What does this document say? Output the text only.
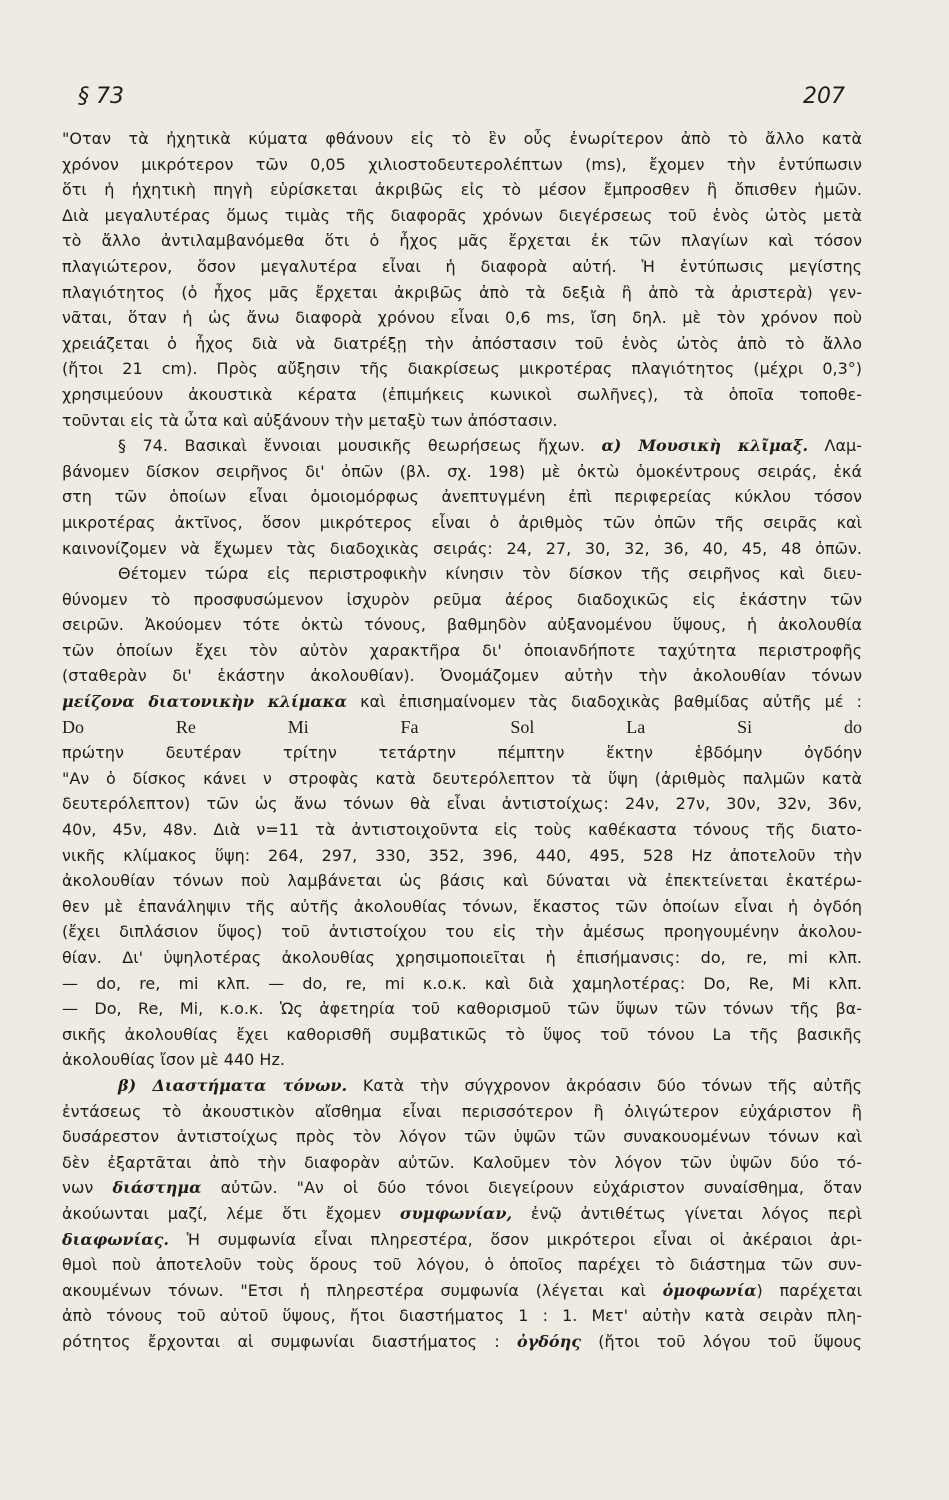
§ 73	207
"Οταν τὰ ἠχητικὰ κύματα φθάνουν εἰς τὸ ἓν οὖς ἐνωρίτερον ἀπὸ τὸ ἄλλο κατὰ
χρόνον μικρότερον τῶν 0,05 χιλιοστοδευτερολέπτων (ms), ἔχομεν τὴν ἐντύπωσιν
ὅτι ἡ ἠχητικὴ πηγὴ εὑρίσκεται ἀκριβῶς εἰς τὸ μέσον ἔμπροσθεν ἢ ὄπισθεν ἡμῶν.
Διὰ μεγαλυτέρας ὅμως τιμὰς τῆς διαφορᾶς χρόνων διεγέρσεως τοῦ ἑνὸς ὠτὸς μετὰ
τὸ ἄλλο ἀντιλαμβανόμεθα ὅτι ὁ ἦχος μᾶς ἔρχεται ἐκ τῶν πλαγίων καὶ τόσον
πλαγιώτερον, ὅσον μεγαλυτέρα εἶναι ἡ διαφορὰ αὐτή. Ἡ ἐντύπωσις μεγίστης
πλαγιότητος (ὁ ἦχος μᾶς ἔρχεται ἀκριβῶς ἀπὸ τὰ δεξιὰ ἢ ἀπὸ τὰ ἀριστερὰ) γεν-
νᾶται, ὅταν ἡ ὡς ἄνω διαφορὰ χρόνου εἶναι 0,6 ms, ἴση δηλ. μὲ τὸν χρόνον ποὺ
χρειάζεται ὁ ἦχος διὰ νὰ διατρέξῃ τὴν ἀπόστασιν τοῦ ἑνὸς ὠτὸς ἀπὸ τὸ ἄλλο
(ἤτοι 21 cm). Πρὸς αὔξησιν τῆς διακρίσεως μικροτέρας πλαγιότητος (μέχρι 0,3°)
χρησιμεύουν ἀκουστικὰ κέρατα (ἐπιμήκεις κωνικοὶ σωλῆνες), τὰ ὁποῖα τοποθε-
τοῦνται εἰς τὰ ὦτα καὶ αὐξάνουν τὴν μεταξὺ των ἀπόστασιν.
§ 74. Βασικαὶ ἔννοιαι μουσικῆς θεωρήσεως ἤχων. α) Μουσικὴ κλῖμαξ. Λαμ-
βάνομεν δίσκον σειρῆνος δι' ὀπῶν (βλ. σχ. 198) μὲ ὀκτὼ ὁμοκέντρους σειράς, ἑκά
στη τῶν ὁποίων εἶναι ὁμοιομόρφως ἀνεπτυγμένη ἐπὶ περιφερείας κύκλου τόσον
μικροτέρας ἀκτῖνος, ὅσον μικρότερος εἶναι ὁ ἀριθμὸς τῶν ὀπῶν τῆς σειρᾶς καὶ
καινονίζομεν νὰ ἔχωμεν τὰς διαδοχικὰς σειράς: 24, 27, 30, 32, 36, 40, 45, 48 ὀπῶν.
Θέτομεν τώρα εἰς περιστροφικὴν κίνησιν τὸν δίσκον τῆς σειρῆνος καὶ διευ-
θύνομεν τὸ προσφυσώμενον ἰσχυρὸν ρεῦμα ἀέρος διαδοχικῶς εἰς ἑκάστην τῶν
σειρῶν. Ἀκούομεν τότε ὀκτὼ τόνους, βαθμηδὸν αὐξανομένου ὕψους, ἡ ἀκολουθία
τῶν ὁποίων ἔχει τὸν αὐτὸν χαρακτῆρα δι' ὁποιανδήποτε ταχύτητα περιστροφῆς
(σταθερὰν δι' ἑκάστην ἀκολουθίαν). Ὀνομάζομεν αὐτὴν τὴν ἀκολουθίαν τόνων
μείζονα διατονικὴν κλίμακα καὶ ἐπισημαίνομεν τὰς διαδοχικὰς βαθμίδας αὐτῆς μέ :
Do	Re	Mi	Fa	Sol	La	Si	do
πρώτην	δευτέραν	τρίτην	τετάρτην	πέμπτην	ἕκτην	ἑβδόμην	ὀγδόην
"Αν ὁ δίσκος κάνει ν στροφὰς κατὰ δευτερόλεπτον τὰ ὕψη (ἀριθμὸς παλμῶν κατὰ
δευτερόλεπτον) τῶν ὡς ἄνω τόνων θὰ εἶναι ἀντιστοίχως: 24ν, 27ν, 30ν, 32ν, 36ν,
40ν, 45ν, 48ν. Διὰ ν=11 τὰ ἀντιστοιχοῦντα εἰς τοὺς καθέκαστα τόνους τῆς διατο-
νικῆς κλίμακος ὕψη: 264, 297, 330, 352, 396, 440, 495, 528 Hz ἀποτελοῦν τὴν
ἀκολουθίαν τόνων ποὺ λαμβάνεται ὡς βάσις καὶ δύναται νὰ ἐπεκτείνεται ἑκατέρω-
θεν μὲ ἐπανάληψιν τῆς αὐτῆς ἀκολουθίας τόνων, ἕκαστος τῶν ὁποίων εἶναι ἡ ὀγδόη
(ἔχει διπλάσιον ὕψος) τοῦ ἀντιστοίχου του εἰς τὴν ἀμέσως προηγουμένην ἀκολου-
θίαν. Δι' ὑψηλοτέρας ἀκολουθίας χρησιμοποιεῖται ἡ ἐπισήμανσις: do, re, mi κλπ.
— do, re, mi κλπ. — do, re, mi κ.ο.κ. καὶ διὰ χαμηλοτέρας: Do, Re, Mi κλπ.
— Do, Re, Mi, κ.ο.κ. Ὡς ἀφετηρία τοῦ καθορισμοῦ τῶν ὕψων τῶν τόνων τῆς βα-
σικῆς ἀκολουθίας ἔχει καθορισθῆ συμβατικῶς τὸ ὕψος τοῦ τόνου La τῆς βασικῆς
ἀκολουθίας ἴσον μὲ 440 Hz.
β) Διαστήματα τόνων. Κατὰ τὴν σύγχρονον ἀκρόασιν δύο τόνων τῆς αὐτῆς
ἐντάσεως τὸ ἀκουστικὸν αἴσθημα εἶναι περισσότερον ἢ ὀλιγώτερον εὐχάριστον ἢ
δυσάρεστον ἀντιστοίχως πρὸς τὸν λόγον τῶν ὑψῶν τῶν συνακουομένων τόνων καὶ
δὲν ἐξαρτᾶται ἀπὸ τὴν διαφορὰν αὐτῶν. Καλοῦμεν τὸν λόγον τῶν ὑψῶν δύο τό-
νων διάστημα αὐτῶν. "Αν οἱ δύο τόνοι διεγείρουν εὐχάριστον συναίσθημα, ὅταν
ἀκούωνται μαζί, λέμε ὅτι ἔχομεν συμφωνίαν, ἐνῷ ἀντιθέτως γίνεται λόγος περὶ
διαφωνίας. Ἡ συμφωνία εἶναι πληρεστέρα, ὅσον μικρότεροι εἶναι οἱ ἀκέραιοι ἀρι-
θμοὶ ποὺ ἀποτελοῦν τοὺς ὅρους τοῦ λόγου, ὁ ὁποῖος παρέχει τὸ διάστημα τῶν συν-
ακουμένων τόνων. "Ετσι ἡ πληρεστέρα συμφωνία (λέγεται καὶ ὁμοφωνία) παρέχεται
ἀπὸ τόνους τοῦ αὐτοῦ ὕψους, ἤτοι διαστήματος 1 : 1. Μετ' αὐτὴν κατὰ σειρὰν πλη-
ρότητος ἔρχονται αἱ συμφωνίαι διαστήματος : ὀγδόης (ἤτοι τοῦ λόγου τοῦ ὕψους
